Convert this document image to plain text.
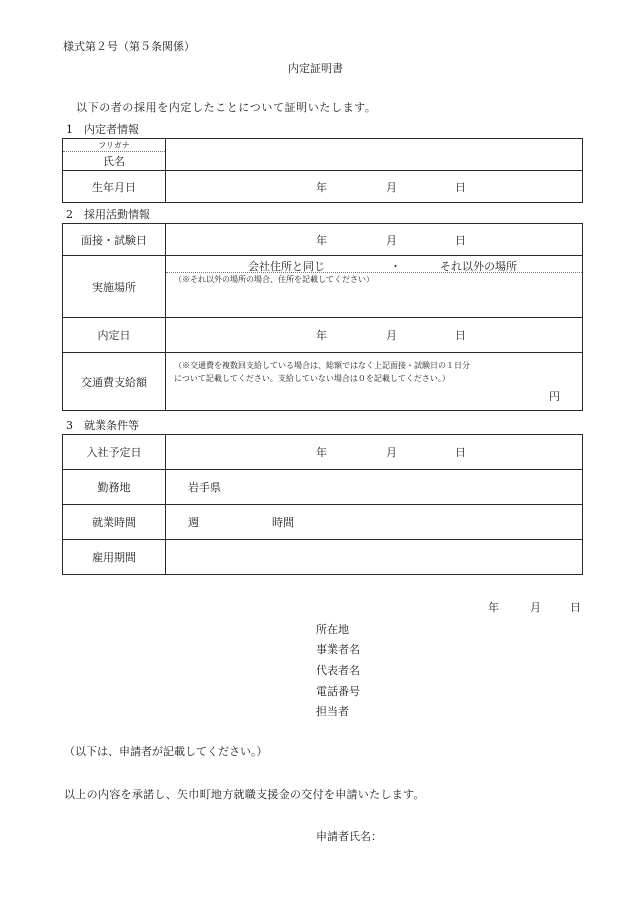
様式第２号（第５条関係）
内定証明書
以下の者の採用を内定したことについて証明いたします。
1　内定者情報
フリガナ	
氏名	
生年月日	年 月 日
2　採用活動情報
面接・試験日	年 月 日

実施場所	会社住所と同じ ・ それ以外の場所
（※それ以外の場所の場合、住所を記載してください）

内定日	年 月 日

交通費支給額	（※交通費を複数回支給している場合は、総額ではなく上記面接・試験日の１日分
について記載してください。支給していない場合は０を記載してください。）
円
3　就業条件等
入社予定日	年 月 日

勤務地	岩手県

就業時間	週 時間

雇用期間	
年	月	日
所在地
事業者名
代表者名
電話番号
担当者
（以下は、申請者が記載してください。）
以上の内容を承諾し、矢巾町地方就職支援金の交付を申請いたします。
申請者氏名：
